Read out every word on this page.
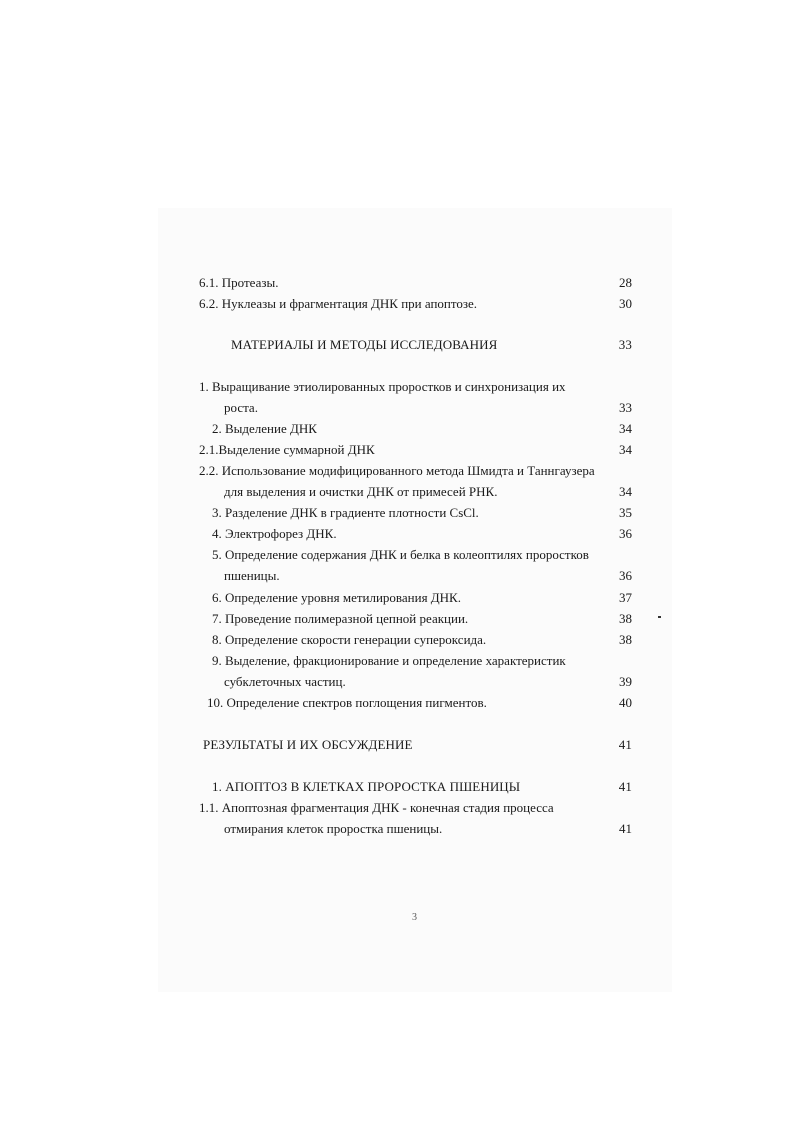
6.1. Протеазы.	28
6.2. Нуклеазы и фрагментация ДНК при апоптозе.	30
МАТЕРИАЛЫ И МЕТОДЫ ИССЛЕДОВАНИЯ	33
1. Выращивание этиолированных проростков и синхронизация их
роста.	33
2. Выделение ДНК	34
2.1.Выделение суммарной ДНК	34
2.2. Использование модифицированного метода Шмидта и Таннгаузера
для выделения и очистки ДНК от примесей РНК.	34
3. Разделение ДНК в градиенте плотности CsCl.	35
4. Электрофорез ДНК.	36
5. Определение содержания ДНК и белка в колеоптилях проростков
пшеницы.	36
6. Определение уровня метилирования ДНК.	37
7. Проведение полимеразной цепной реакции.	38
8. Определение скорости генерации супероксида.	38
9. Выделение, фракционирование и определение характеристик
субклеточных частиц.	39
10. Определение спектров поглощения пигментов.	40
РЕЗУЛЬТАТЫ И ИХ ОБСУЖДЕНИЕ	41
1. АПОПТОЗ В КЛЕТКАХ ПРОРОСТКА ПШЕНИЦЫ	41
1.1. Апоптозная фрагментация ДНК - конечная стадия процесса
отмирания клеток проростка пшеницы.	41
3
